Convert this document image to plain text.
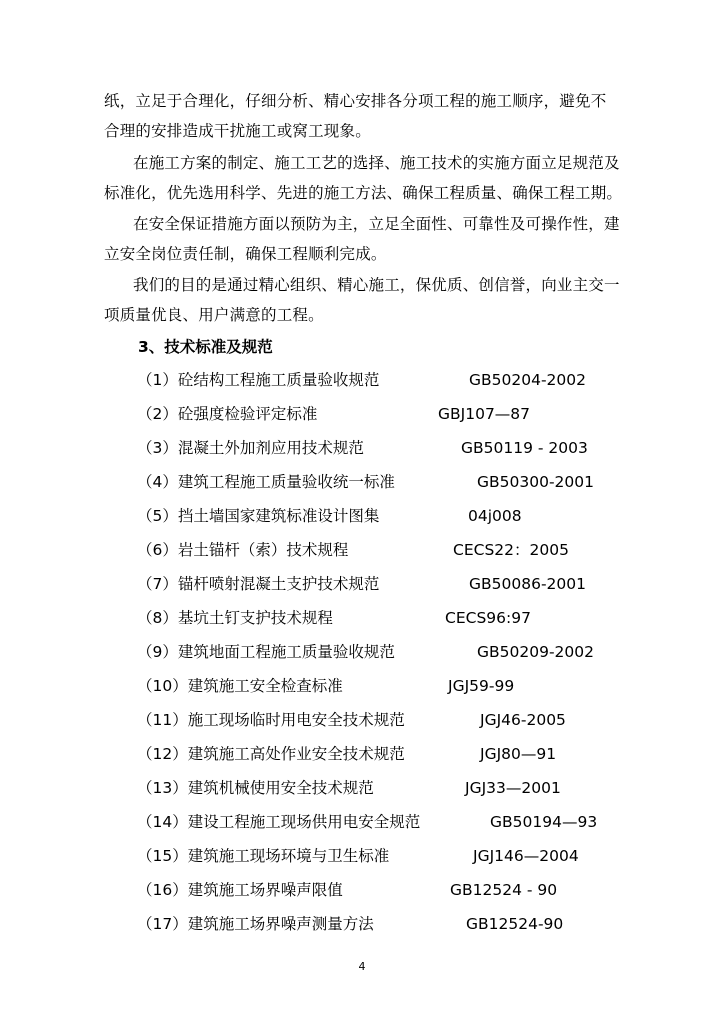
纸，立足于合理化，仔细分析、精心安排各分项工程的施工顺序，避免不
合理的安排造成干扰施工或窝工现象。
在施工方案的制定、施工工艺的选择、施工技术的实施方面立足规范及
标准化，优先选用科学、先进的施工方法、确保工程质量、确保工程工期。
在安全保证措施方面以预防为主，立足全面性、可靠性及可操作性，建
立安全岗位责任制，确保工程顺利完成。
我们的目的是通过精心组织、精心施工，保优质、创信誉，向业主交一
项质量优良、用户满意的工程。
3、技术标准及规范
（1）砼结构工程施工质量验收规范	GB50204-2002
（2）砼强度检验评定标准	GBJ107—87
（3）混凝土外加剂应用技术规范	GB50119 - 2003
（4）建筑工程施工质量验收统一标准	GB50300-2001
（5）挡土墙国家建筑标准设计图集	04j008
（6）岩土锚杆（索）技术规程	CECS22：2005
（7）锚杆喷射混凝土支护技术规范	GB50086-2001
（8）基坑土钉支护技术规程	CECS96:97
（9）建筑地面工程施工质量验收规范	GB50209-2002
（10）建筑施工安全检查标准	JGJ59-99
（11）施工现场临时用电安全技术规范	JGJ46-2005
（12）建筑施工高处作业安全技术规范	JGJ80—91
（13）建筑机械使用安全技术规范	JGJ33—2001
（14）建设工程施工现场供用电安全规范	GB50194—93
（15）建筑施工现场环境与卫生标准	JGJ146—2004
（16）建筑施工场界噪声限值	GB12524 - 90
（17）建筑施工场界噪声测量方法	GB12524-90
4
